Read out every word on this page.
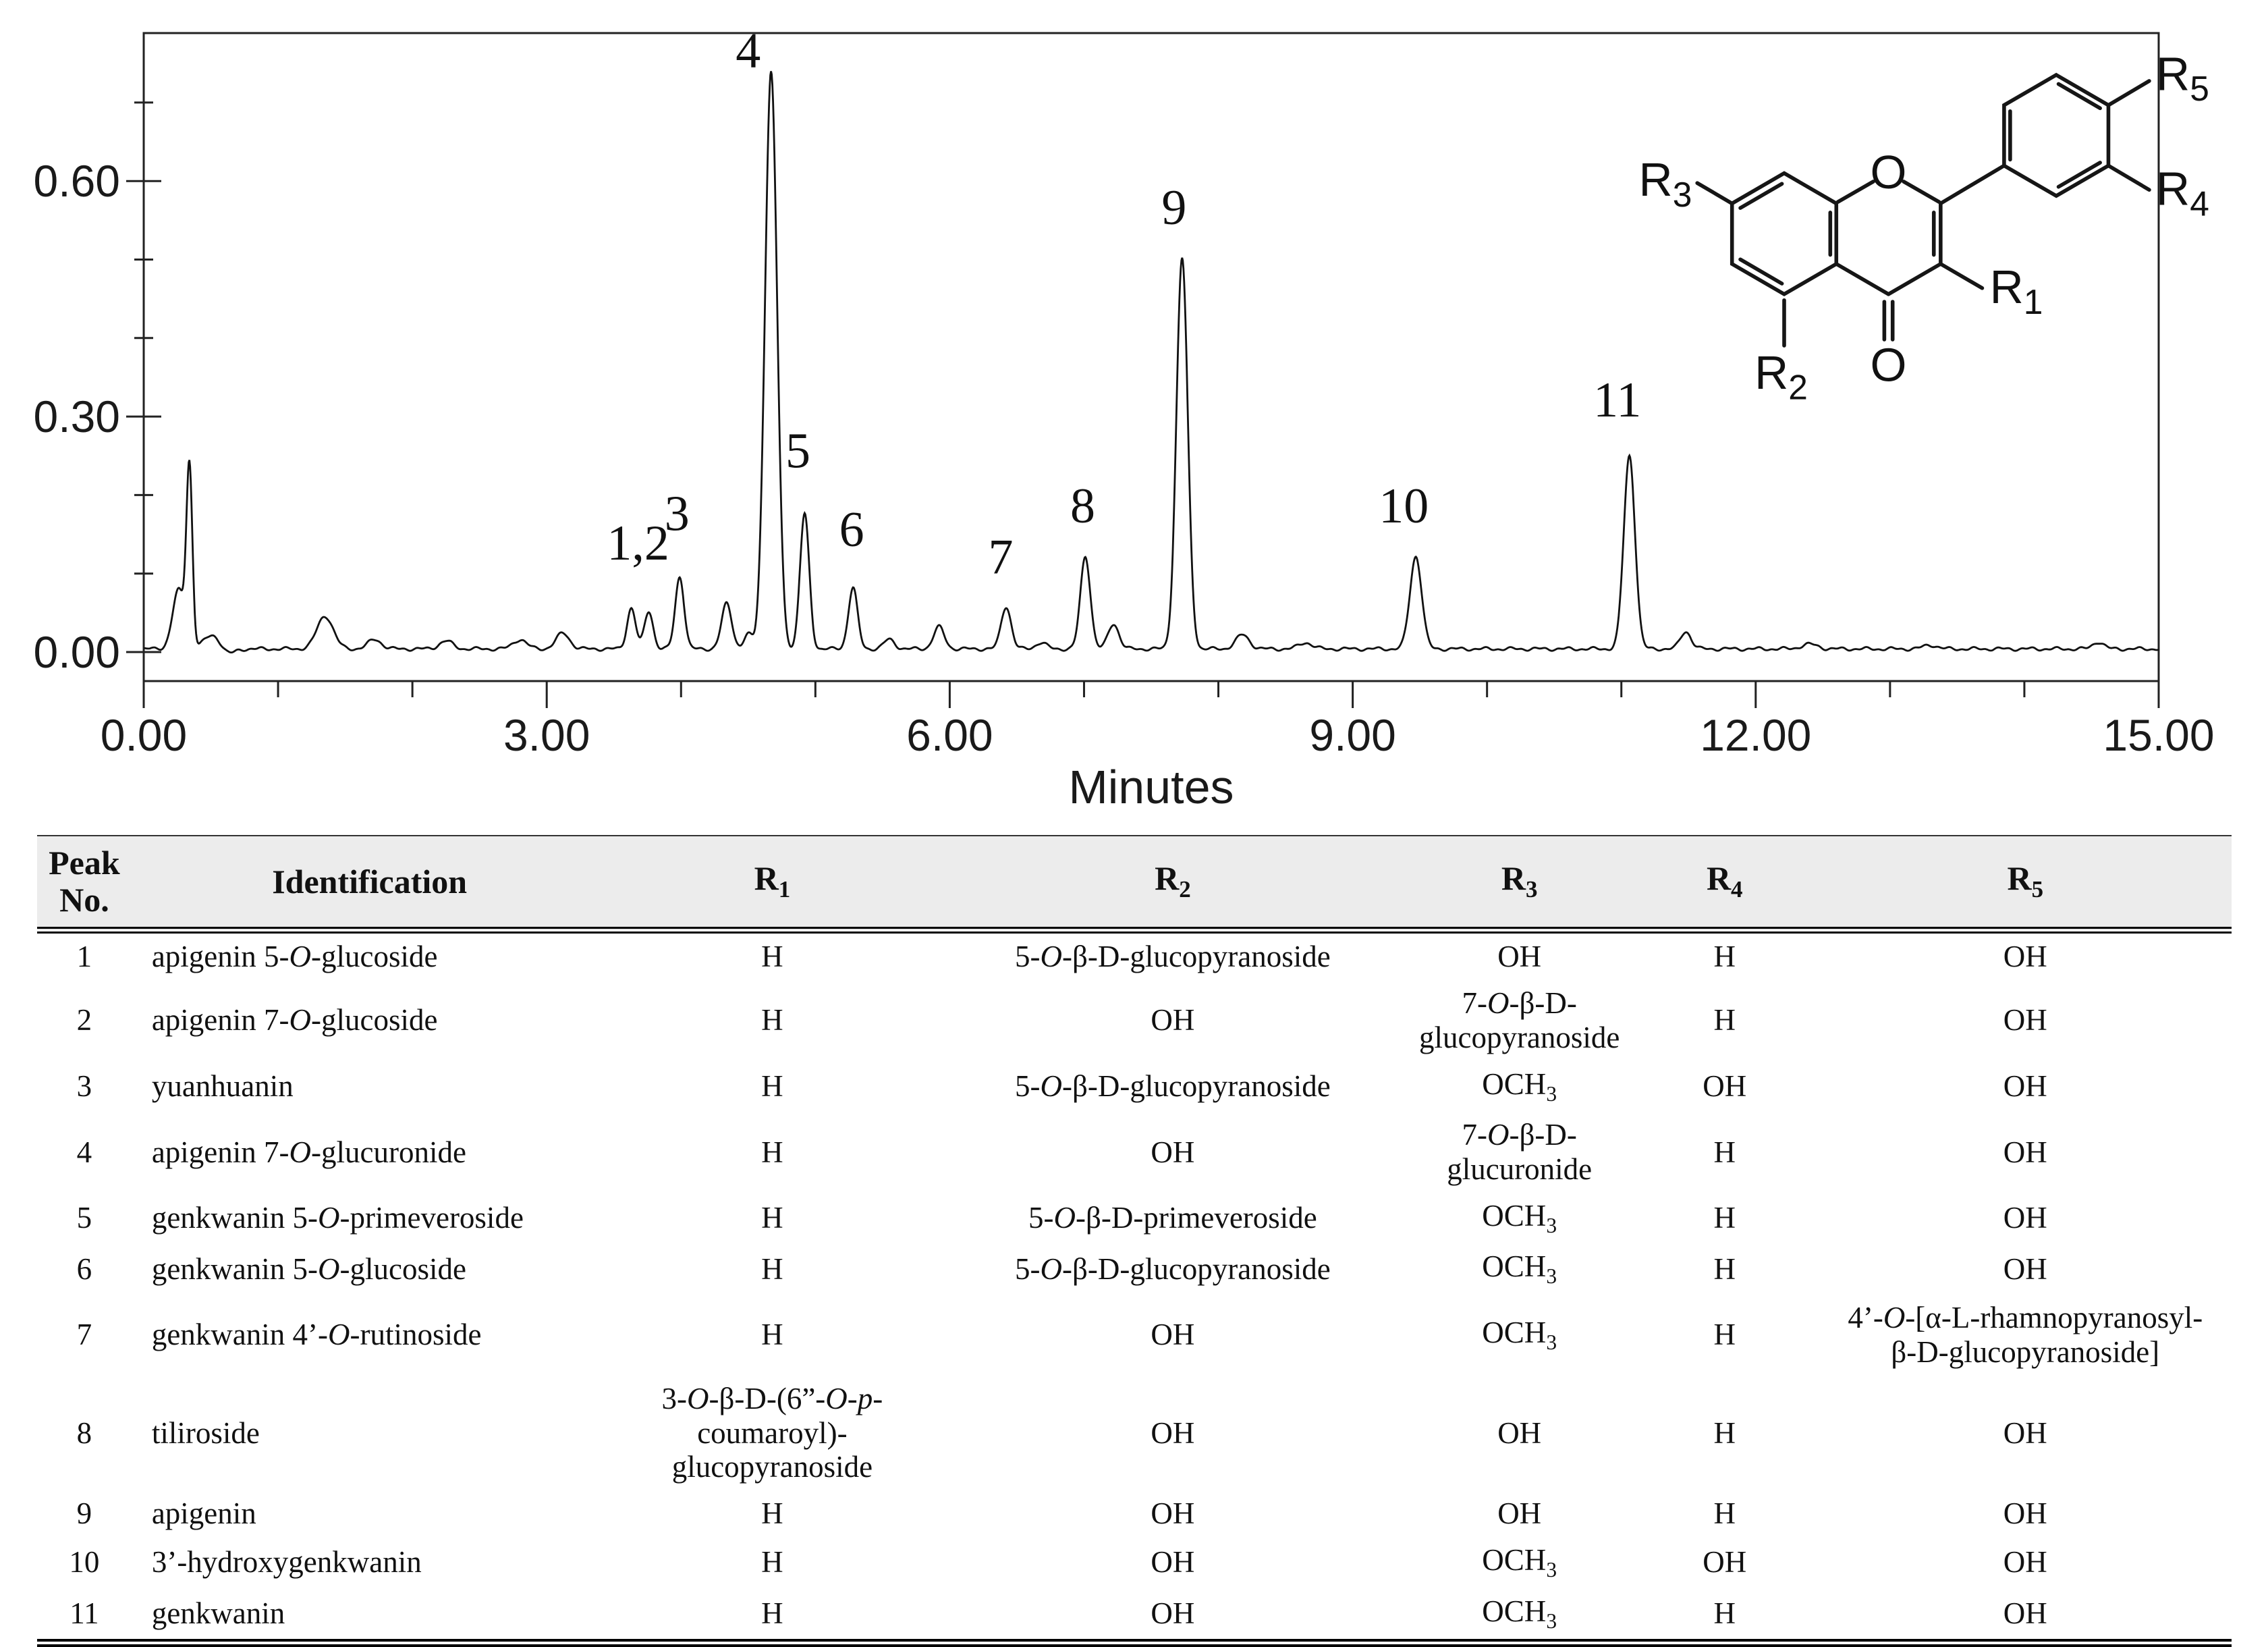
0.00	3.00	6.00	9.00	12.00	15.00
0.00
0.30
0.60
1,2
3
4
5
6 7
8
9
10
11
Minutes
O
O
$R_3$
$R_2$
$R_1$
$R_5$
$R_4$
Peak
No.	Identification	$R_1$	$R_2$	$R_3$	$R_4$	$R_5$
1	apigenin 5-O-glucoside	H	5-O-β-D-glucopyranoside	OH	H	OH
2	apigenin 7-O-glucoside	H	OH	7-O-β-D-glucopyranoside	H	OH
3	yuanhuanin	H	5-O-β-D-glucopyranoside	$OCH_3$	OH	OH
4	apigenin 7-O-glucuronide	H	OH	7-O-β-D-glucuronide	H	OH
5	genkwanin 5-O-primeveroside	H	5-O-β-D-primeveroside	$OCH_3$	H	OH
6	genkwanin 5-O-glucoside	H	5-O-β-D-glucopyranoside	$OCH_3$	H	OH
7	genkwanin 4’-O-rutinoside	H	OH	$OCH_3$	H	4’-O-[α-L-rhamnopyranosyl-
β-D-glucopyranoside]
8	tiliroside	3-O-β-D-(6”-O-p-coumaroyl)-
glucopyranoside	OH	OH	H	OH
9	apigenin	H	OH	OH	H	OH
10	3’-hydroxygenkwanin	H	OH	$OCH_3$	OH	OH
11	genkwanin	H	OH	$OCH_3$	H	OH
